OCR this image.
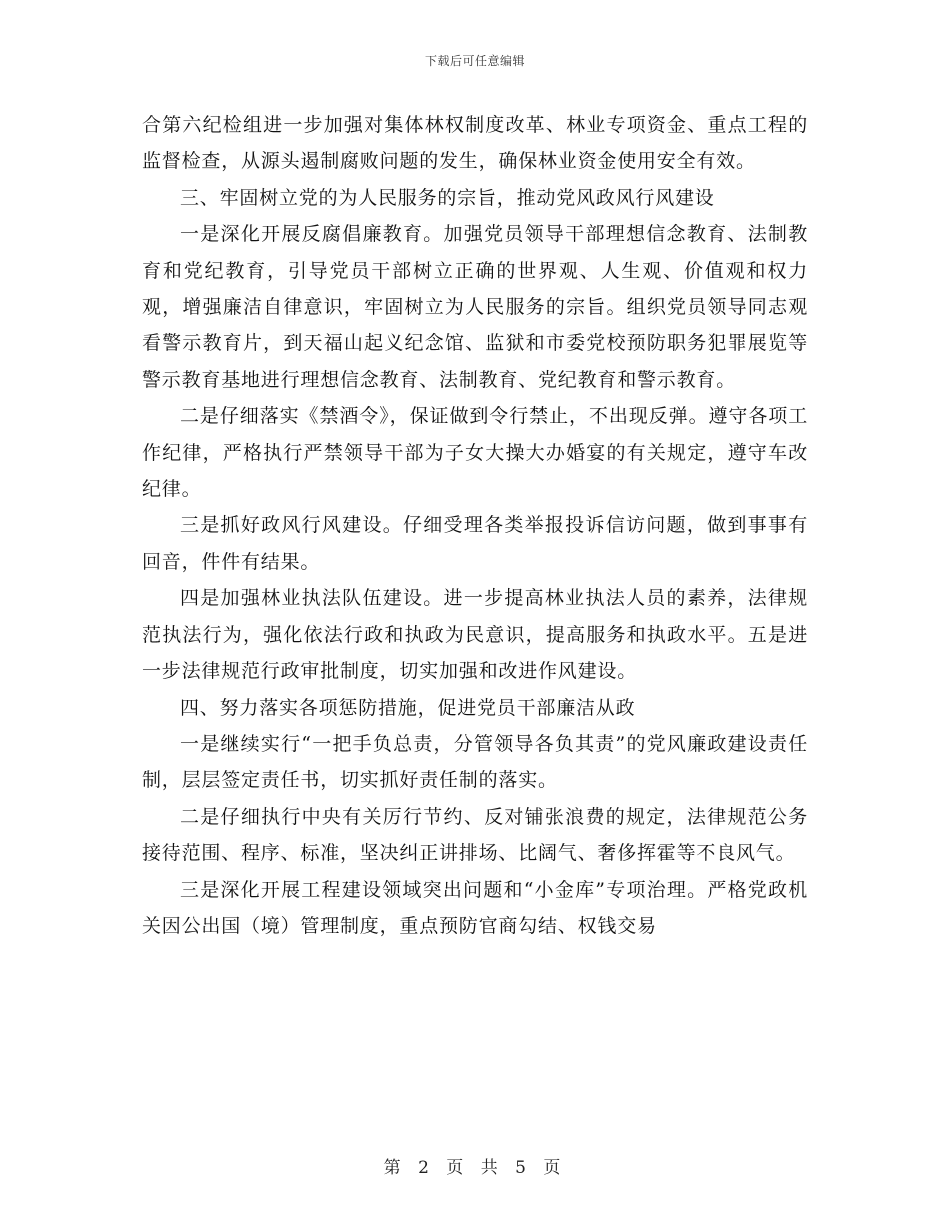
下载后可任意编辑

合第六纪检组进一步加强对集体林权制度改革、林业专项资金、重点工程的监督检查，从源头遏制腐败问题的发生，确保林业资金使用安全有效。

三、牢固树立党的为人民服务的宗旨，推动党风政风行风建设

一是深化开展反腐倡廉教育。加强党员领导干部理想信念教育、法制教育和党纪教育，引导党员干部树立正确的世界观、人生观、价值观和权力观，增强廉洁自律意识，牢固树立为人民服务的宗旨。组织党员领导同志观看警示教育片，到天福山起义纪念馆、监狱和市委党校预防职务犯罪展览等警示教育基地进行理想信念教育、法制教育、党纪教育和警示教育。

二是仔细落实《禁酒令》，保证做到令行禁止，不出现反弹。遵守各项工作纪律，严格执行严禁领导干部为子女大操大办婚宴的有关规定，遵守车改纪律。

三是抓好政风行风建设。仔细受理各类举报投诉信访问题，做到事事有回音，件件有结果。

四是加强林业执法队伍建设。进一步提高林业执法人员的素养，法律规范执法行为，强化依法行政和执政为民意识，提高服务和执政水平。五是进一步法律规范行政审批制度，切实加强和改进作风建设。

四、努力落实各项惩防措施，促进党员干部廉洁从政

一是继续实行“一把手负总责，分管领导各负其责”的党风廉政建设责任制，层层签定责任书，切实抓好责任制的落实。

二是仔细执行中央有关厉行节约、反对铺张浪费的规定，法律规范公务接待范围、程序、标准，坚决纠正讲排场、比阔气、奢侈挥霍等不良风气。

三是深化开展工程建设领域突出问题和“小金库”专项治理。严格党政机关因公出国（境）管理制度，重点预防官商勾结、权钱交易

第 2 页 共 5 页
